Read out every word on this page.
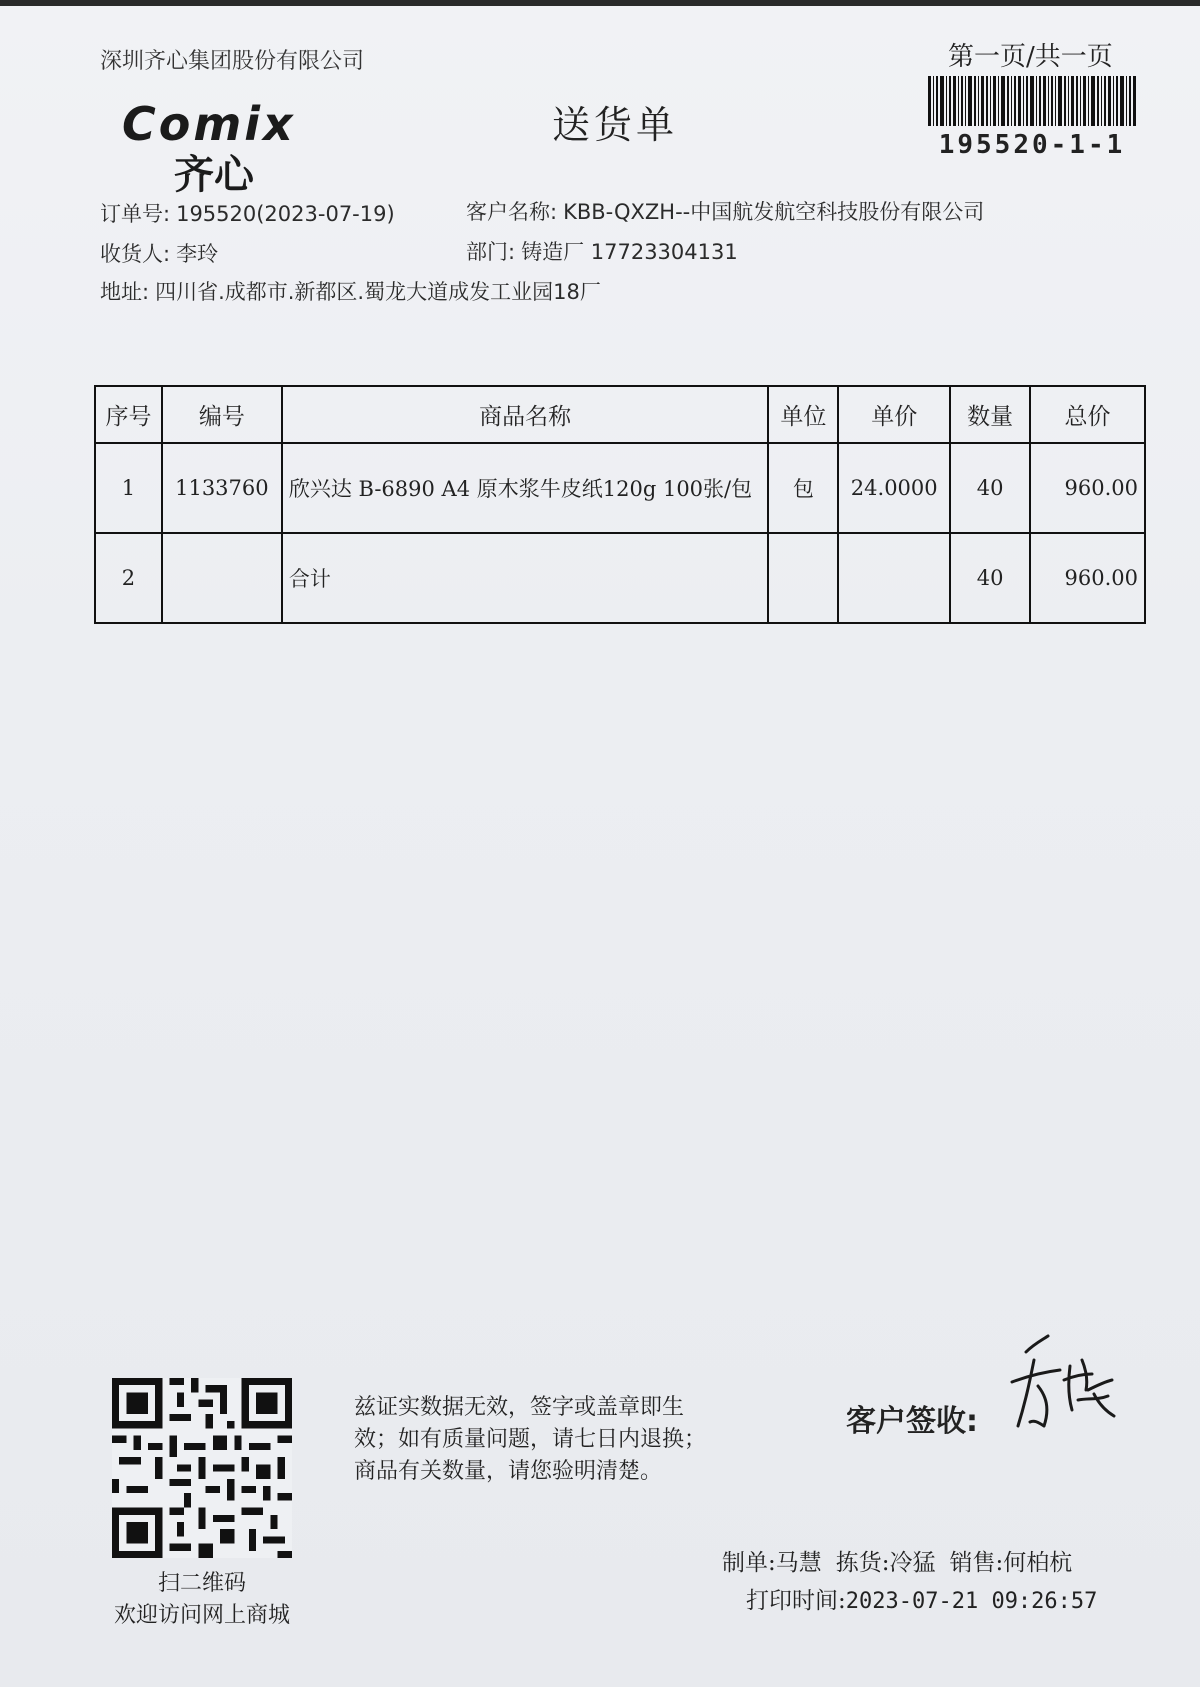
深圳齐心集团股份有限公司	第一页/共一页
195520-1-1
Comix
齐心
送货单
订单号: 195520(2023-07-19)	客户名称: KBB-QXZH--中国航发航空科技股份有限公司
收货人: 李玲	部门: 铸造厂 17723304131
地址: 四川省.成都市.新都区.蜀龙大道成发工业园18厂
序号	编号	商品名称	单位	单价	数量	总价
1	1133760	欣兴达 B-6890 A4 原木浆牛皮纸120g 100张/包	包	24.0000	40	960.00
2		合计			40	960.00
扫二维码
欢迎访问网上商城
兹证实数据无效，签字或盖章即生
效；如有质量问题，请七日内退换；
商品有关数量，请您验明清楚。
客户签收:
制单:马慧 拣货:冷猛 销售:何柏杭
打印时间:2023-07-21 09:26:57
